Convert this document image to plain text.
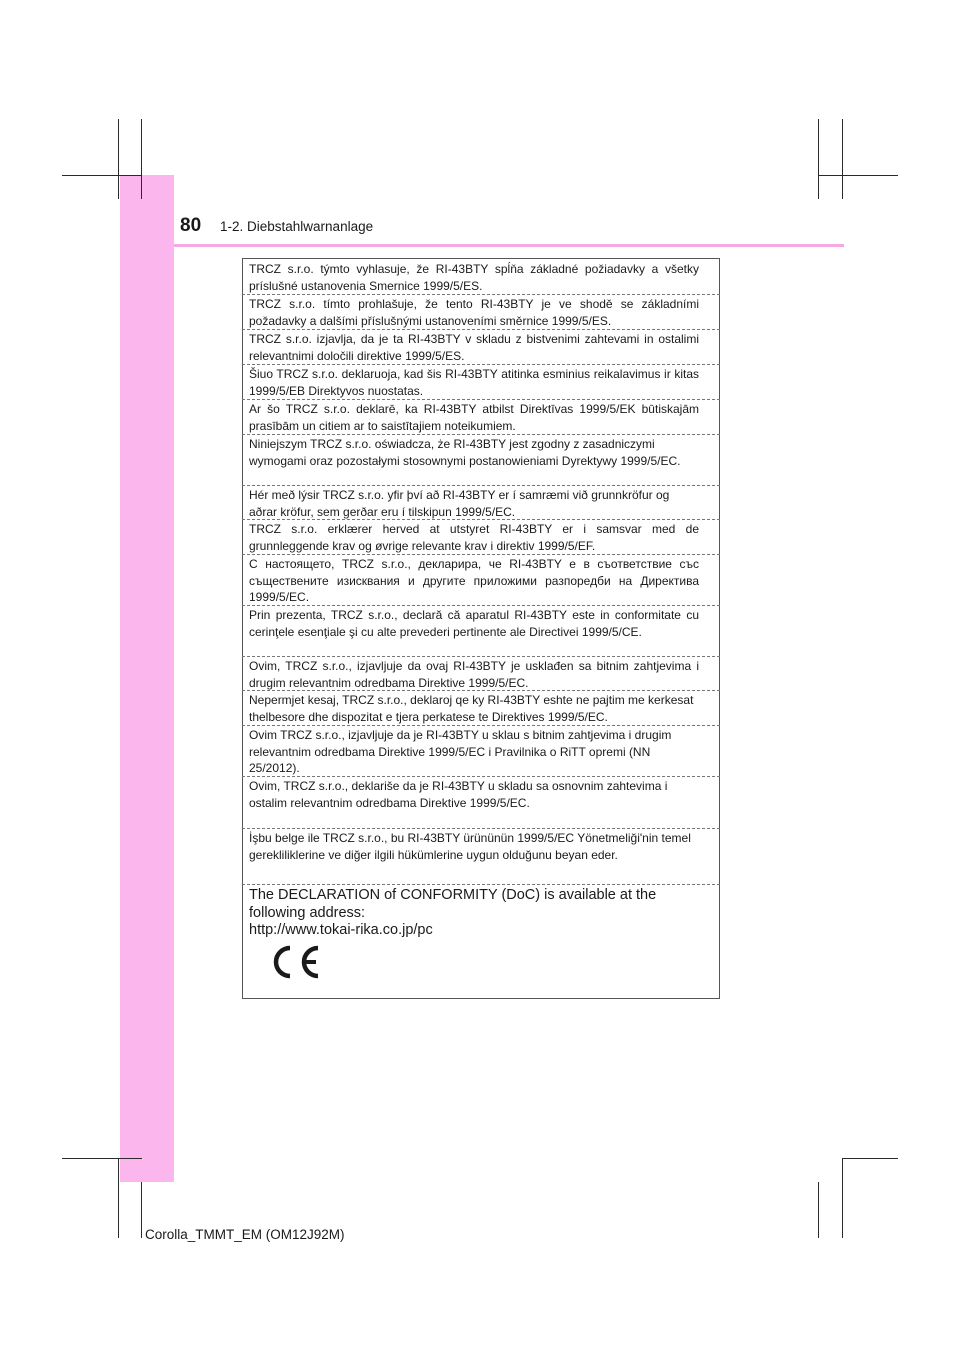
80 1-2. Diebstahlwarnanlage
TRCZ s.r.o. týmto vyhlasuje, že RI-43BTY spĺňa základné požiadavky a všetky príslušné ustanovenia Smernice 1999/5/ES.
TRCZ s.r.o. tímto prohlašuje, že tento RI-43BTY je ve shodě se základními požadavky a dalšími příslušnými ustanoveními směrnice 1999/5/ES.
TRCZ s.r.o. izjavlja, da je ta RI-43BTY v skladu z bistvenimi zahtevami in ostalimi relevantnimi določili direktive 1999/5/ES.
Šiuo TRCZ s.r.o. deklaruoja, kad šis RI-43BTY atitinka esminius reikalavimus ir kitas 1999/5/EB Direktyvos nuostatas.
Ar šo TRCZ s.r.o. deklarē, ka RI-43BTY atbilst Direktīvas 1999/5/EK būtiskajām prasībām un citiem ar to saistītajiem noteikumiem.
Niniejszym TRCZ s.r.o. oświadcza, że RI-43BTY jest zgodny z zasadniczymi wymogami oraz pozostałymi stosownymi postanowieniami Dyrektywy 1999/5/EC.
Hér með lýsir TRCZ s.r.o. yfir því að RI-43BTY er í samræmi við grunnkröfur og aðrar kröfur, sem gerðar eru í tilskipun 1999/5/EC.
TRCZ s.r.o. erklærer herved at utstyret RI-43BTY er i samsvar med de grunnleggende krav og øvrige relevante krav i direktiv 1999/5/EF.
С настоящето, TRCZ s.r.o., декларира, че RI-43BTY е в съответствие със съществените изисквания и другите приложими разпоредби на Директива 1999/5/ЕС.
Prin prezenta, TRCZ s.r.o., declară că aparatul RI-43BTY este in conformitate cu cerinţele esenţiale şi cu alte prevederi pertinente ale Directivei 1999/5/CE.
Ovim, TRCZ s.r.o., izjavljuje da ovaj RI-43BTY je usklađen sa bitnim zahtjevima i drugim relevantnim odredbama Direktive 1999/5/EC.
Nepermjet kesaj, TRCZ s.r.o., deklaroj qe ky RI-43BTY eshte ne pajtim me kerkesat thelbesore dhe dispozitat e tjera perkatese te Direktives 1999/5/EC.
Ovim TRCZ s.r.o., izjavljuje da je RI-43BTY u sklau s bitnim zahtjevima i drugim relevantnim odredbama Direktive 1999/5/EC i Pravilnika o RiTT opremi (NN 25/2012).
Ovim, TRCZ s.r.o., deklariše da je RI-43BTY u skladu sa osnovnim zahtevima i ostalim relevantnim odredbama Direktive 1999/5/EC.
İşbu belge ile TRCZ s.r.o., bu RI-43BTY ürününün 1999/5/EC Yönetmeliği'nin temel gerekliliklerine ve diğer ilgili hükümlerine uygun olduğunu beyan eder.
The DECLARATION of CONFORMITY (DoC) is available at the
following address:
http://www.tokai-rika.co.jp/pc
Corolla_TMMT_EM (OM12J92M)
